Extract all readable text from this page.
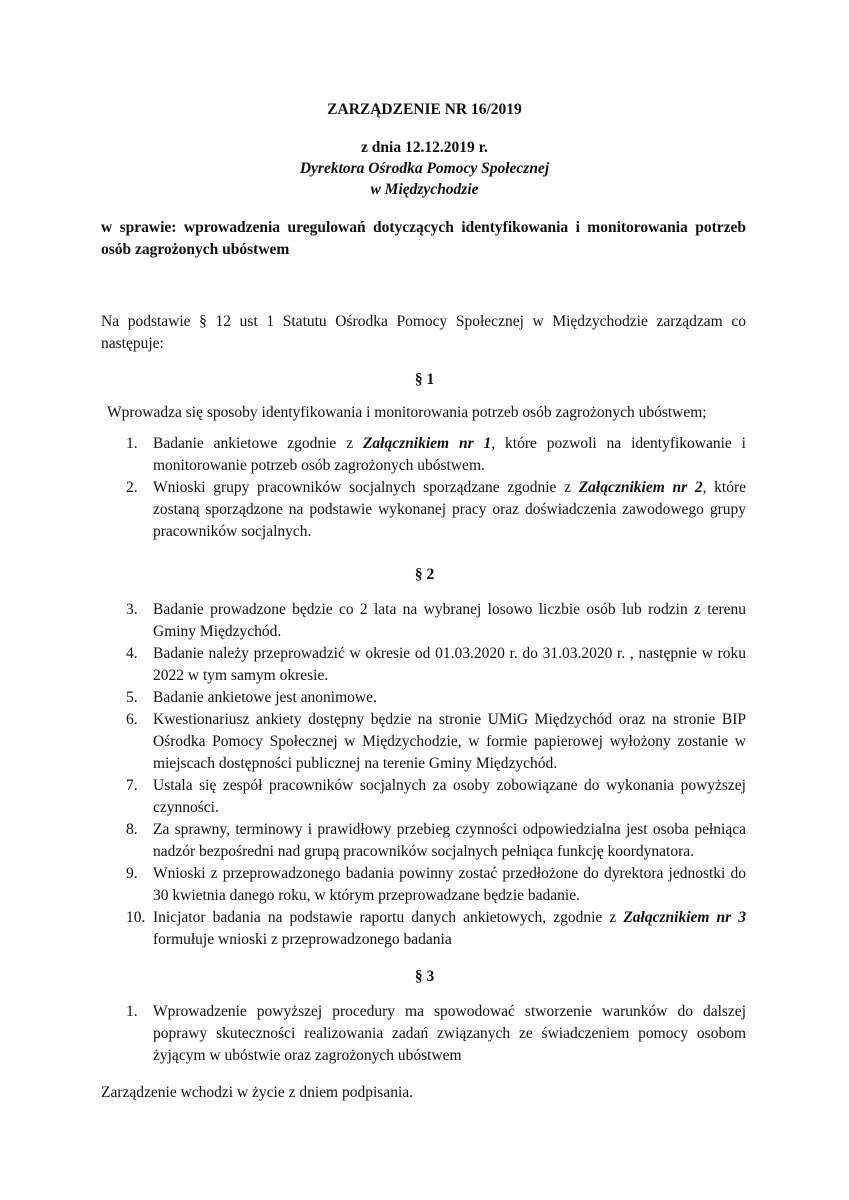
ZARZĄDZENIE NR 16/2019
z dnia 12.12.2019 r.
Dyrektora Ośrodka Pomocy Społecznej
w Międzychodzie
w sprawie: wprowadzenia uregulowań dotyczących identyfikowania i monitorowania potrzeb osób zagrożonych ubóstwem
Na podstawie § 12 ust 1 Statutu Ośrodka Pomocy Społecznej w Międzychodzie zarządzam co następuje:
§ 1
Wprowadza się sposoby identyfikowania i monitorowania potrzeb osób zagrożonych ubóstwem;
1. Badanie ankietowe zgodnie z Załącznikiem nr 1, które pozwoli na identyfikowanie i monitorowanie potrzeb osób zagrożonych ubóstwem.
2. Wnioski grupy pracowników socjalnych sporządzane zgodnie z Załącznikiem nr 2, które zostaną sporządzone na podstawie wykonanej pracy oraz doświadczenia zawodowego grupy pracowników socjalnych.
§ 2
3. Badanie prowadzone będzie co 2 lata na wybranej losowo liczbie osób lub rodzin z terenu Gminy Międzychód.
4. Badanie należy przeprowadzić w okresie od 01.03.2020 r. do 31.03.2020 r. , następnie w roku 2022 w tym samym okresie.
5. Badanie ankietowe jest anonimowe.
6. Kwestionariusz ankiety dostępny będzie na stronie UMiG Międzychód oraz na stronie BIP Ośrodka Pomocy Społecznej w Międzychodzie, w formie papierowej wyłożony zostanie w miejscach dostępności publicznej na terenie Gminy Międzychód.
7. Ustala się zespół pracowników socjalnych za osoby zobowiązane do wykonania powyższej czynności.
8. Za sprawny, terminowy i prawidłowy przebieg czynności odpowiedzialna jest osoba pełniąca nadzór bezpośredni nad grupą pracowników socjalnych pełniąca funkcję koordynatora.
9. Wnioski z przeprowadzonego badania powinny zostać przedłożone do dyrektora jednostki do 30 kwietnia danego roku, w którym przeprowadzane będzie badanie.
10. Inicjator badania na podstawie raportu danych ankietowych, zgodnie z Załącznikiem nr 3 formułuje wnioski z przeprowadzonego badania
§ 3
1. Wprowadzenie powyższej procedury ma spowodować stworzenie warunków do dalszej poprawy skuteczności realizowania zadań związanych ze świadczeniem pomocy osobom żyjącym w ubóstwie oraz zagrożonych ubóstwem
Zarządzenie wchodzi w życie z dniem podpisania.
